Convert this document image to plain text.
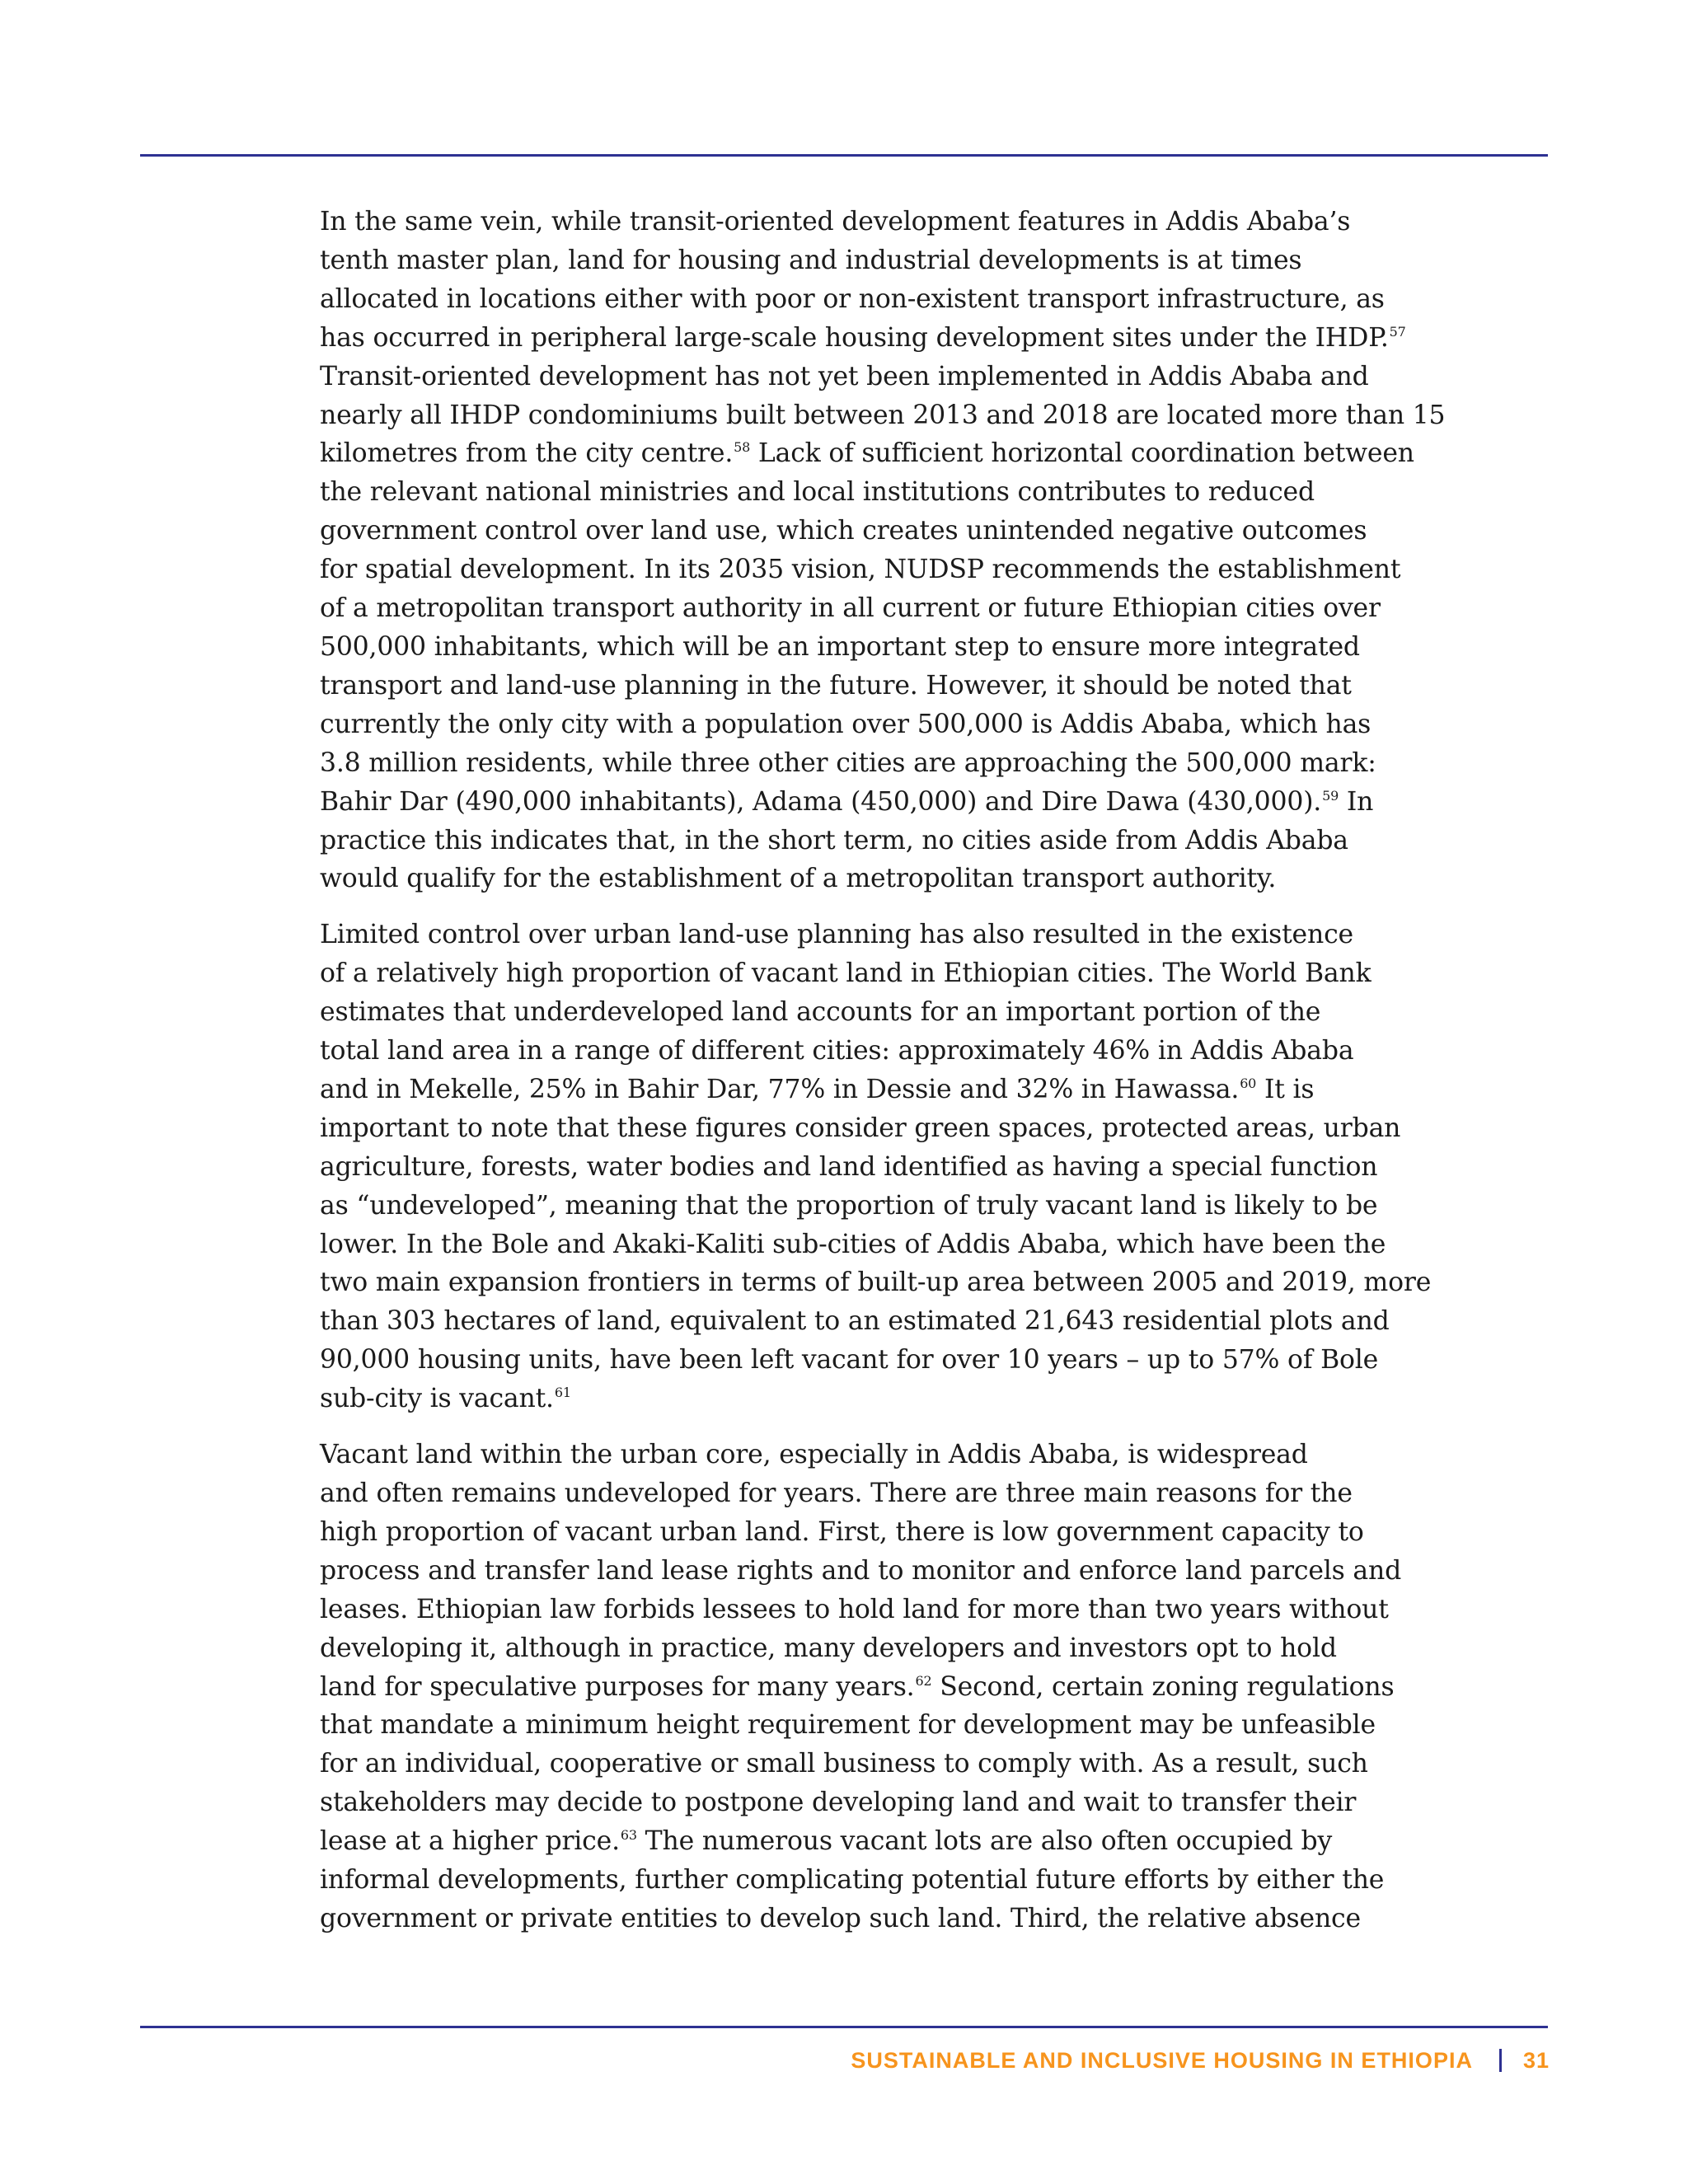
In the same vein, while transit-oriented development features in Addis Ababa’s
tenth master plan, land for housing and industrial developments is at times
allocated in locations either with poor or non-existent transport infrastructure, as
has occurred in peripheral large-scale housing development sites under the IHDP.$^{57}$
Transit-oriented development has not yet been implemented in Addis Ababa and
nearly all IHDP condominiums built between 2013 and 2018 are located more than 15
kilometres from the city centre.$^{58}$ Lack of sufficient horizontal coordination between
the relevant national ministries and local institutions contributes to reduced
government control over land use, which creates unintended negative outcomes
for spatial development. In its 2035 vision, NUDSP recommends the establishment
of a metropolitan transport authority in all current or future Ethiopian cities over
500,000 inhabitants, which will be an important step to ensure more integrated
transport and land-use planning in the future. However, it should be noted that
currently the only city with a population over 500,000 is Addis Ababa, which has
3.8 million residents, while three other cities are approaching the 500,000 mark:
Bahir Dar (490,000 inhabitants), Adama (450,000) and Dire Dawa (430,000).$^{59}$ In
practice this indicates that, in the short term, no cities aside from Addis Ababa
would qualify for the establishment of a metropolitan transport authority.

Limited control over urban land-use planning has also resulted in the existence
of a relatively high proportion of vacant land in Ethiopian cities. The World Bank
estimates that underdeveloped land accounts for an important portion of the
total land area in a range of different cities: approximately 46% in Addis Ababa
and in Mekelle, 25% in Bahir Dar, 77% in Dessie and 32% in Hawassa.$^{60}$ It is
important to note that these figures consider green spaces, protected areas, urban
agriculture, forests, water bodies and land identified as having a special function
as “undeveloped”, meaning that the proportion of truly vacant land is likely to be
lower. In the Bole and Akaki-Kaliti sub-cities of Addis Ababa, which have been the
two main expansion frontiers in terms of built-up area between 2005 and 2019, more
than 303 hectares of land, equivalent to an estimated 21,643 residential plots and
90,000 housing units, have been left vacant for over 10 years – up to 57% of Bole
sub-city is vacant.$^{61}$

Vacant land within the urban core, especially in Addis Ababa, is widespread
and often remains undeveloped for years. There are three main reasons for the
high proportion of vacant urban land. First, there is low government capacity to
process and transfer land lease rights and to monitor and enforce land parcels and
leases. Ethiopian law forbids lessees to hold land for more than two years without
developing it, although in practice, many developers and investors opt to hold
land for speculative purposes for many years.$^{62}$ Second, certain zoning regulations
that mandate a minimum height requirement for development may be unfeasible
for an individual, cooperative or small business to comply with. As a result, such
stakeholders may decide to postpone developing land and wait to transfer their
lease at a higher price.$^{63}$ The numerous vacant lots are also often occupied by
informal developments, further complicating potential future efforts by either the
government or private entities to develop such land. Third, the relative absence

SUSTAINABLE AND INCLUSIVE HOUSING IN ETHIOPIA 31
